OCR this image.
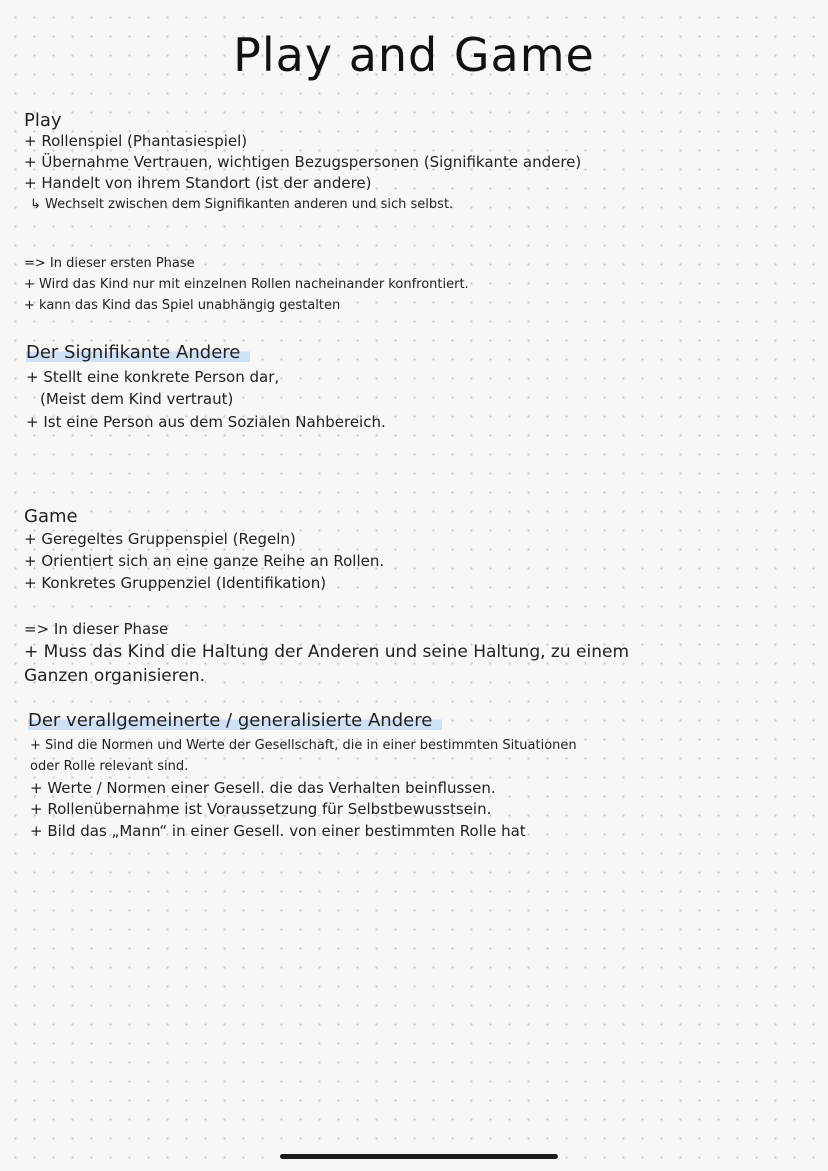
Play and Game
Play
+ Rollenspiel (Phantasiespiel)
+ Übernahme Vertrauen, wichtigen Bezugspersonen (Signifikante andere)
+ Handelt von ihrem Standort (ist der andere)
↳ Wechselt zwischen dem Signifikanten anderen und sich selbst.
=> In dieser ersten Phase
+ Wird das Kind nur mit einzelnen Rollen nacheinander konfrontiert.
+ kann das Kind das Spiel unabhängig gestalten
Der Signifikante Andere
+ Stellt eine konkrete Person dar,
(Meist dem Kind vertraut)
+ Ist eine Person aus dem Sozialen Nahbereich.
Game
+ Geregeltes Gruppenspiel (Regeln)
+ Orientiert sich an eine ganze Reihe an Rollen.
+ Konkretes Gruppenziel (Identifikation)
=> In dieser Phase
+ Muss das Kind die Haltung der Anderen und seine Haltung, zu einem
Ganzen organisieren.
Der verallgemeinerte / generalisierte Andere
+ Sind die Normen und Werte der Gesellschaft, die in einer bestimmten Situationen
oder Rolle relevant sind.
+ Werte / Normen einer Gesell. die das Verhalten beinflussen.
+ Rollenübernahme ist Voraussetzung für Selbstbewusstsein.
+ Bild das „Mann“ in einer Gesell. von einer bestimmten Rolle hat
